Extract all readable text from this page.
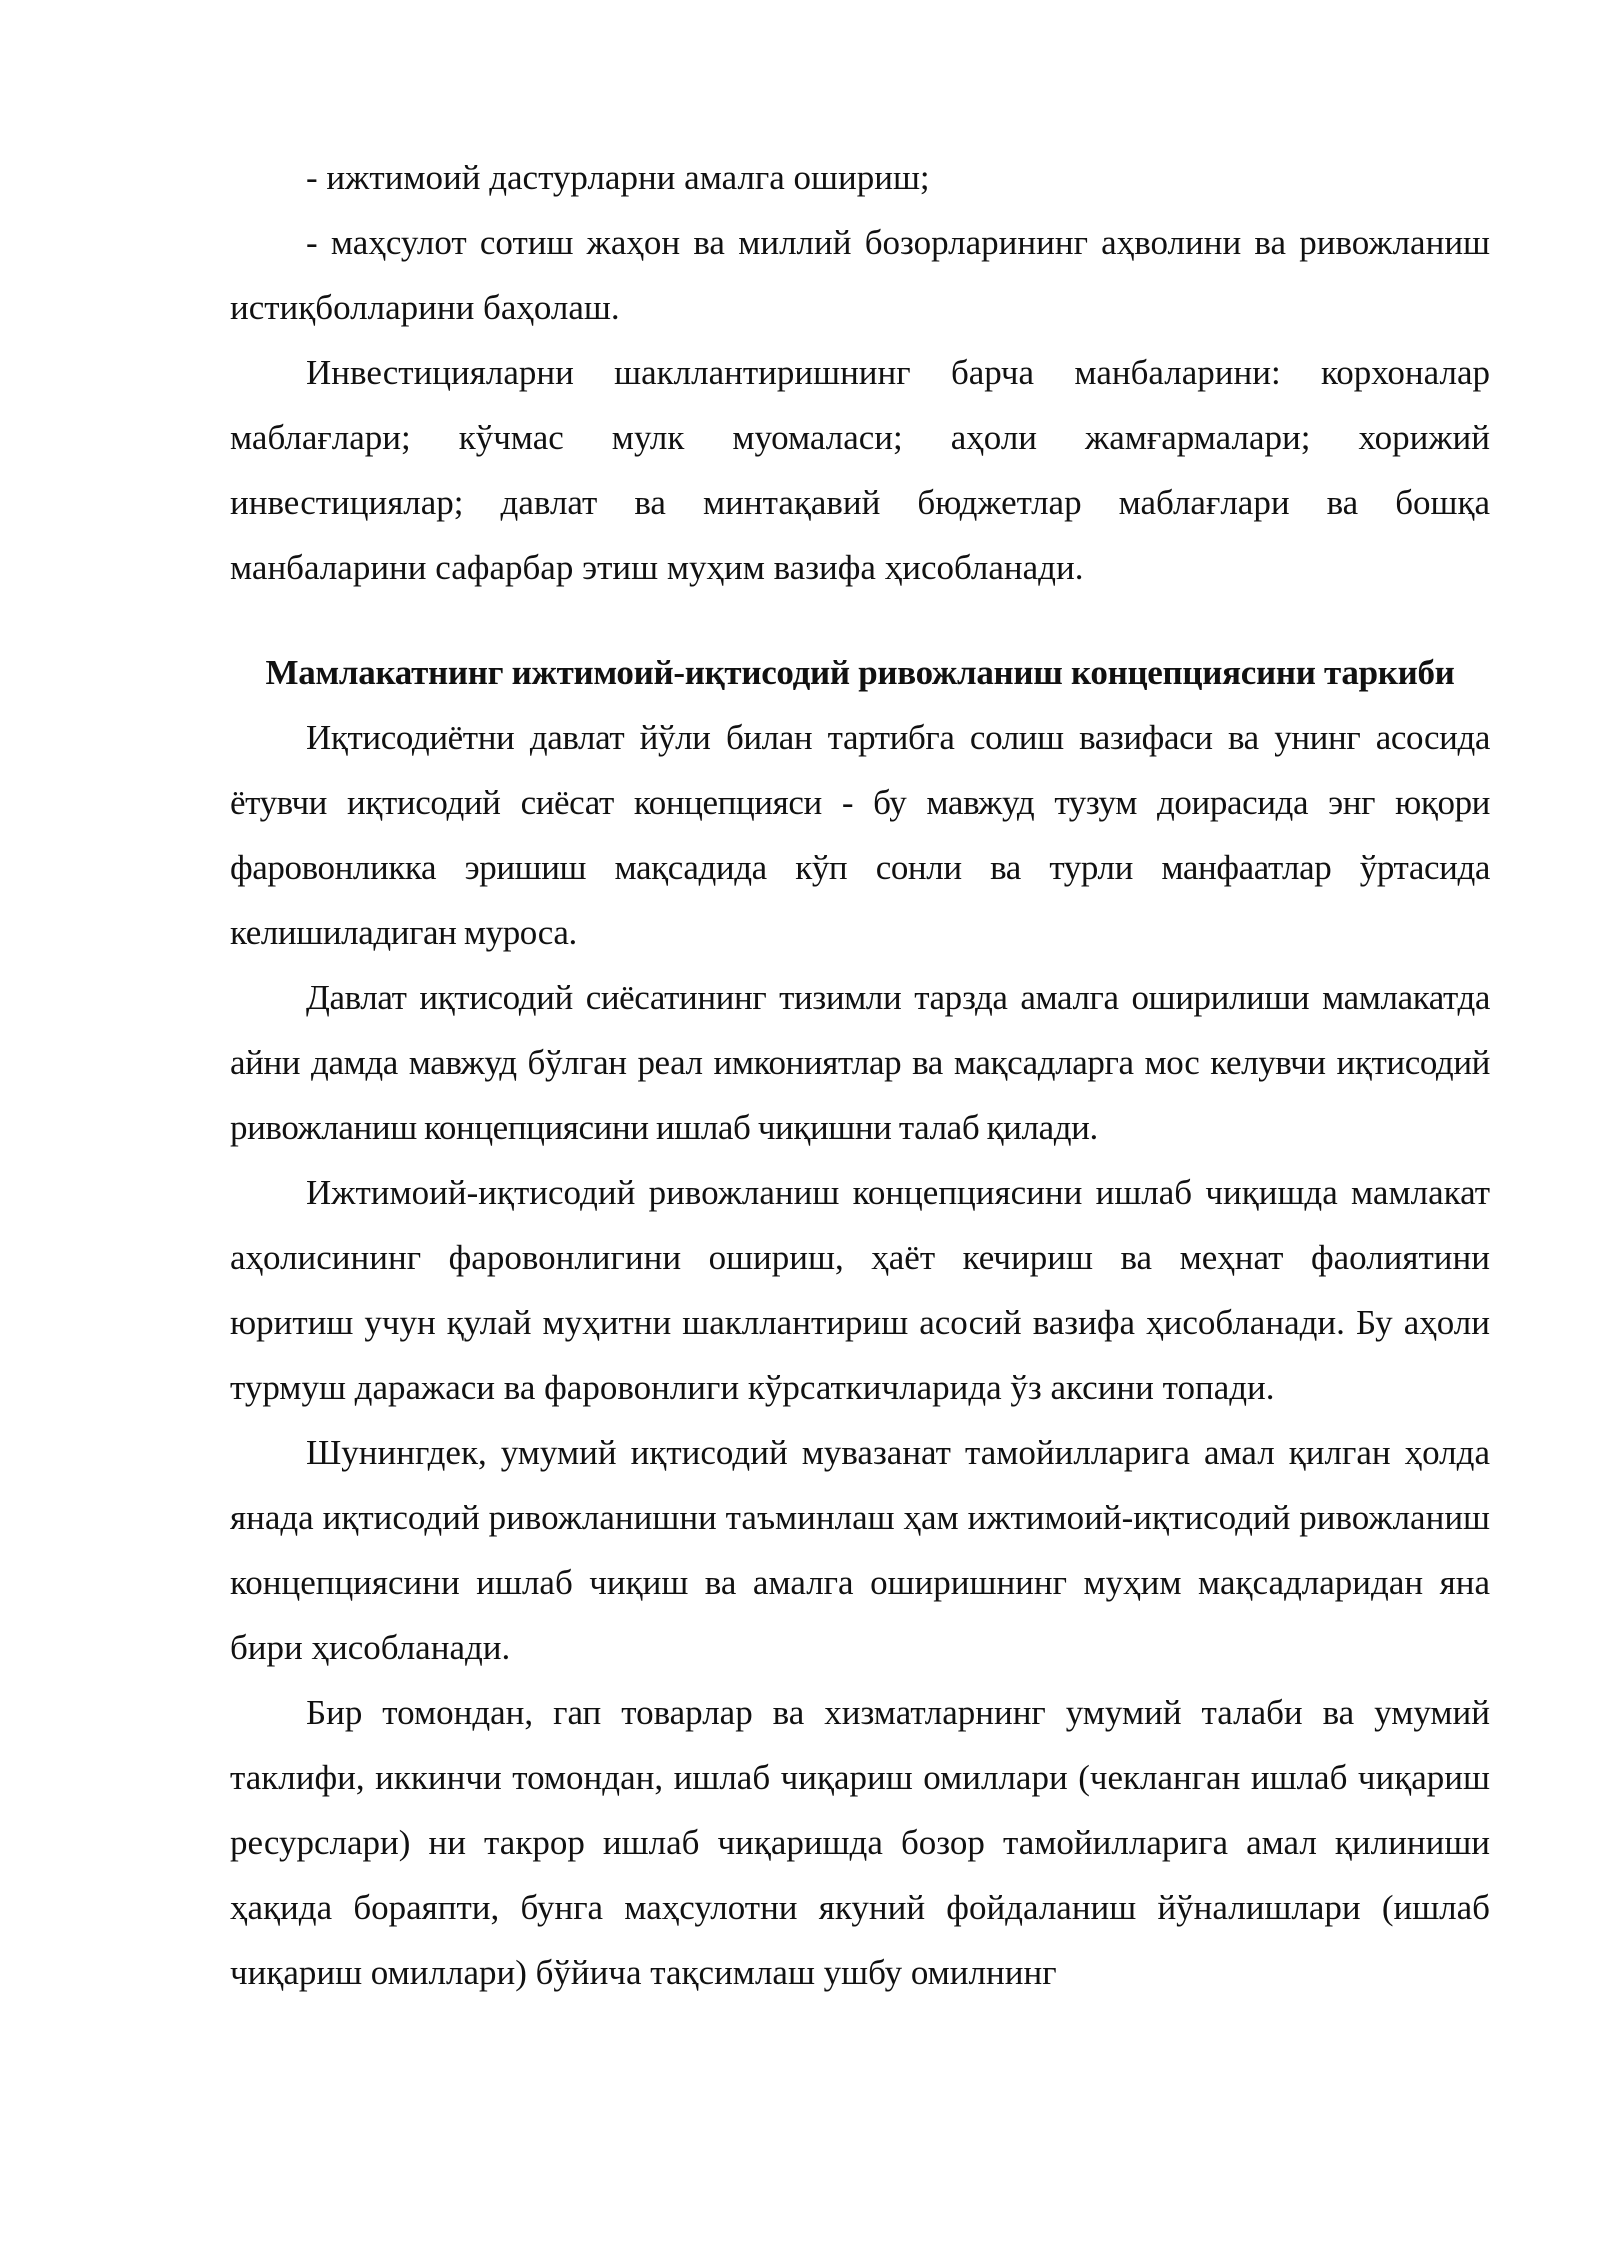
- ижтимоий дастурларни амалга ошириш;

- маҳсулот сотиш жаҳон ва миллий бозорларининг аҳволини ва ривожланиш истиқболларини баҳолаш.

Инвестицияларни шакллантиришнинг барча манбаларини: корхоналар маблағлари; кўчмас мулк муомаласи; аҳоли жамғармалари; хорижий инвестициялар; давлат ва минтақавий бюджетлар маблағлари ва бошқа манбаларини сафарбар этиш муҳим вазифа ҳисобланади.

Мамлакатнинг ижтимоий-иқтисодий ривожланиш концепциясини таркиби

Иқтисодиётни давлат йўли билан тартибга солиш вазифаси ва унинг асосида ётувчи иқтисодий сиёсат концепцияси - бу мавжуд тузум доирасида энг юқори фаровонликка эришиш мақсадида кўп сонли ва турли манфаатлар ўртасида келишиладиган муроса.

Давлат иқтисодий сиёсатининг тизимли тарзда амалга оширилиши мамлакатда айни дамда мавжуд бўлган реал имкониятлар ва мақсадларга мос келувчи иқтисодий ривожланиш концепциясини ишлаб чиқишни талаб қилади.

Ижтимоий-иқтисодий ривожланиш концепциясини ишлаб чиқишда мамлакат аҳолисининг фаровонлигини ошириш, ҳаёт кечириш ва меҳнат фаолиятини юритиш учун қулай муҳитни шакллантириш асосий вазифа ҳисобланади. Бу аҳоли турмуш даражаси ва фаровонлиги кўрсаткичларида ўз аксини топади.

Шунингдек, умумий иқтисодий мувазанат тамойилларига амал қилган ҳолда янада иқтисодий ривожланишни таъминлаш ҳам ижтимоий-иқтисодий ривожланиш концепциясини ишлаб чиқиш ва амалга оширишнинг муҳим мақсадларидан яна бири ҳисобланади.

Бир томондан, гап товарлар ва хизматларнинг умумий талаби ва умумий таклифи, иккинчи томондан, ишлаб чиқариш омиллари (чекланган ишлаб чиқариш ресурслари) ни такрор ишлаб чиқаришда бозор тамойилларига амал қилиниши ҳақида бораяпти, бунга маҳсулотни якуний фойдаланиш йўналишлари (ишлаб чиқариш омиллари) бўйича тақсимлаш ушбу омилнинг
